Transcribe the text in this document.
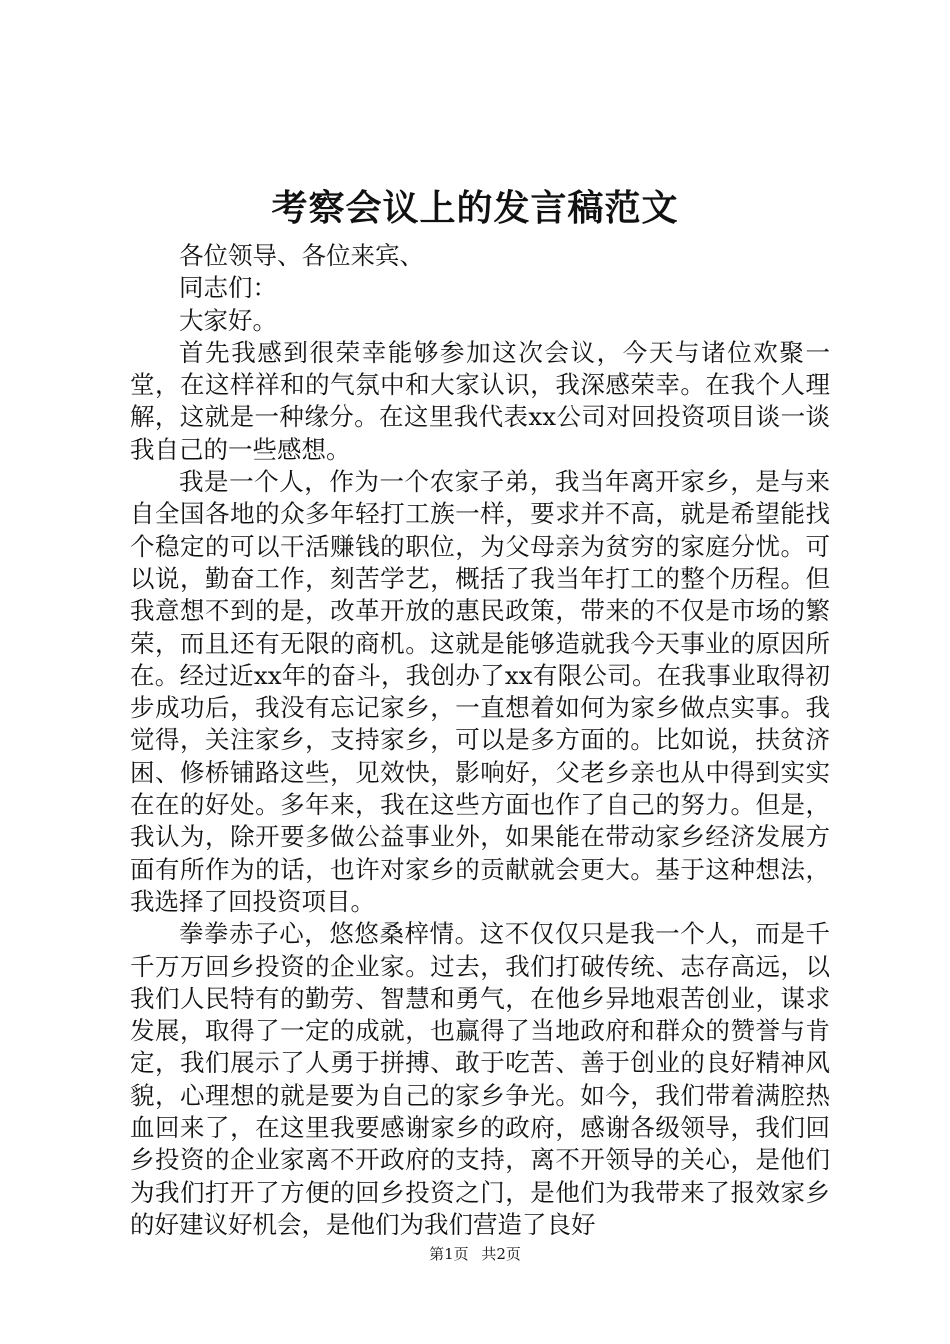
考察会议上的发言稿范文

各位领导、各位来宾、

同志们：

大家好。

首先我感到很荣幸能够参加这次会议，今天与诸位欢聚一堂，在这样祥和的气氛中和大家认识，我深感荣幸。在我个人理解，这就是一种缘分。在这里我代表xx公司对回投资项目谈一谈我自己的一些感想。

我是一个人，作为一个农家子弟，我当年离开家乡，是与来自全国各地的众多年轻打工族一样，要求并不高，就是希望能找个稳定的可以干活赚钱的职位，为父母亲为贫穷的家庭分忧。可以说，勤奋工作，刻苦学艺，概括了我当年打工的整个历程。但我意想不到的是，改革开放的惠民政策，带来的不仅是市场的繁荣，而且还有无限的商机。这就是能够造就我今天事业的原因所在。经过近xx年的奋斗，我创办了xx有限公司。在我事业取得初步成功后，我没有忘记家乡，一直想着如何为家乡做点实事。我觉得，关注家乡，支持家乡，可以是多方面的。比如说，扶贫济困、修桥铺路这些，见效快，影响好，父老乡亲也从中得到实实在在的好处。多年来，我在这些方面也作了自己的努力。但是，我认为，除开要多做公益事业外，如果能在带动家乡经济发展方面有所作为的话，也许对家乡的贡献就会更大。基于这种想法，我选择了回投资项目。

拳拳赤子心，悠悠桑梓情。这不仅仅只是我一个人，而是千千万万回乡投资的企业家。过去，我们打破传统、志存高远，以我们人民特有的勤劳、智慧和勇气，在他乡异地艰苦创业，谋求发展，取得了一定的成就，也赢得了当地政府和群众的赞誉与肯定，我们展示了人勇于拼搏、敢于吃苦、善于创业的良好精神风貌，心理想的就是要为自己的家乡争光。如今，我们带着满腔热血回来了，在这里我要感谢家乡的政府，感谢各级领导，我们回乡投资的企业家离不开政府的支持，离不开领导的关心，是他们为我们打开了方便的回乡投资之门，是他们为我带来了报效家乡的好建议好机会，是他们为我们营造了良好

第1页 共2页
